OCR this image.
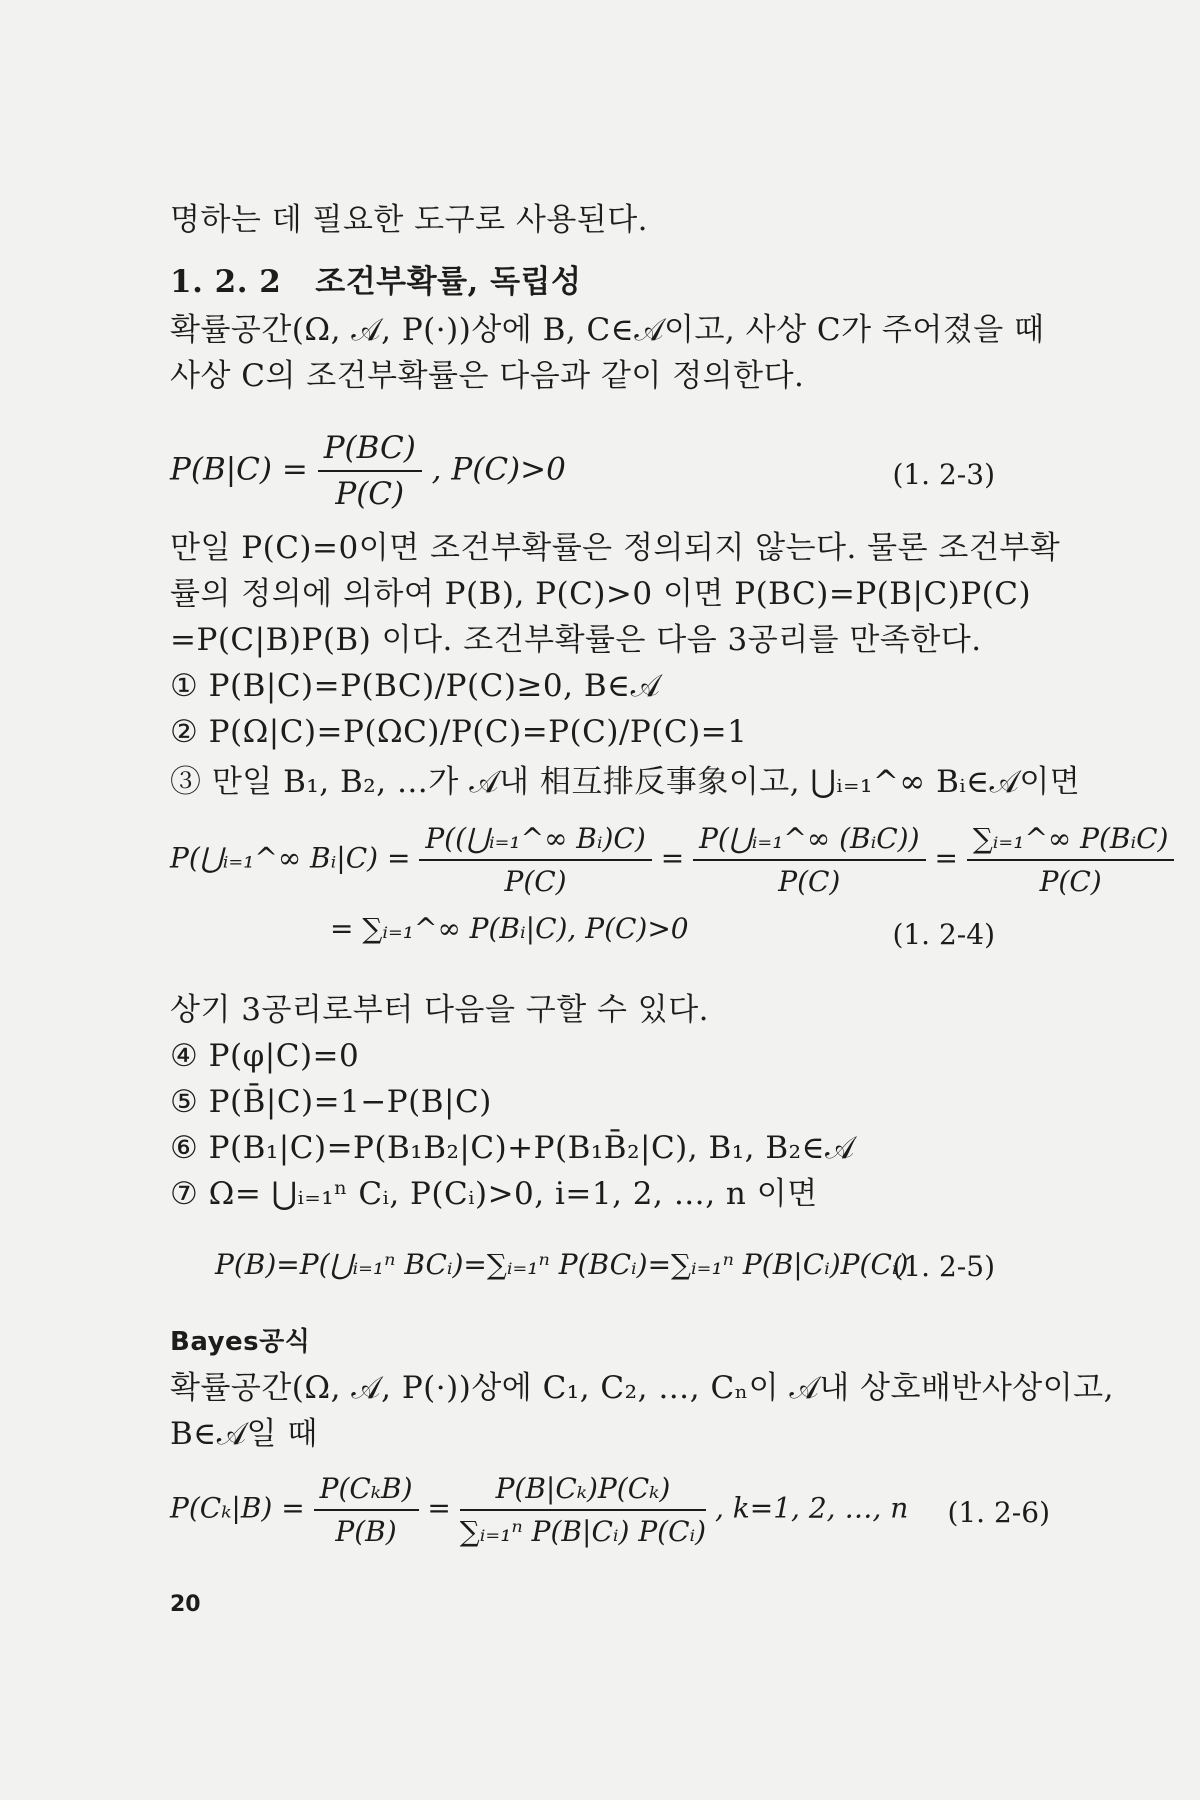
명하는 데 필요한 도구로 사용된다.
1. 2. 2 조건부확률, 독립성
확률공간(Ω, 𝒜, P(·))상에 B, C∈𝒜이고, 사상 C가 주어졌을 때
사상 C의 조건부확률은 다음과 같이 정의한다.
$P(B|C) = \frac{P(BC)}{P(C)}$ , P(C)>0	(1. 2-3)
만일 P(C)=0이면 조건부확률은 정의되지 않는다. 물론 조건부확
률의 정의에 의하여 P(B), P(C)>0 이면 P(BC)=P(B|C)P(C)
=P(C|B)P(B) 이다. 조건부확률은 다음 3공리를 만족한다.
① P(B|C)=P(BC)/P(C)≥0, B∈𝒜
② P(Ω|C)=P(ΩC)/P(C)=P(C)/P(C)=1
③ 만일 B₁, B₂, …가 𝒜내 相互排反事象이고, ⋃ᵢ₌₁^∞ Bᵢ∈𝒜이면
P(⋃ᵢ₌₁^∞ Bᵢ|C) = $\frac{\text{P((⋃ᵢ₌₁\textasciicircum{}∞ Bᵢ)C)}}{P(C)} = \frac{\text{P(⋃ᵢ₌₁\textasciicircum{}∞ (BᵢC))}}{P(C)} = \frac{\text{∑ᵢ₌₁\textasciicircum{}∞ P(BᵢC)}}{P(C)}$
= ∑ᵢ₌₁^∞ P(Bᵢ|C), P(C)>0	(1. 2-4)
상기 3공리로부터 다음을 구할 수 있다.
④ P(φ|C)=0
⑤ P(B̄|C)=1−P(B|C)
⑥ P(B₁|C)=P(B₁B₂|C)+P(B₁B̄₂|C), B₁, B₂∈𝒜
⑦ Ω= ⋃ᵢ₌₁ⁿ Cᵢ, P(Cᵢ)>0, i=1, 2, …, n 이면
P(B)=P(⋃ᵢ₌₁ⁿ BCᵢ)=∑ᵢ₌₁ⁿ P(BCᵢ)=∑ᵢ₌₁ⁿ P(B|Cᵢ)P(Cᵢ)
(1. 2-5)
Bayes공식
확률공간(Ω, 𝒜, P(·))상에 C₁, C₂, …, Cₙ이 𝒜내 상호배반사상이고,
B∈𝒜일 때
$P(C_k|B) = \frac{\text{P(CₖB)}}{P(B)} = \frac{\text{P(B|Cₖ)P(Cₖ)}}{\text{∑ᵢ₌₁ⁿ P(B|Cᵢ) P(Cᵢ)}}$ , k=1, 2, …, n (1. 2-6)
20
